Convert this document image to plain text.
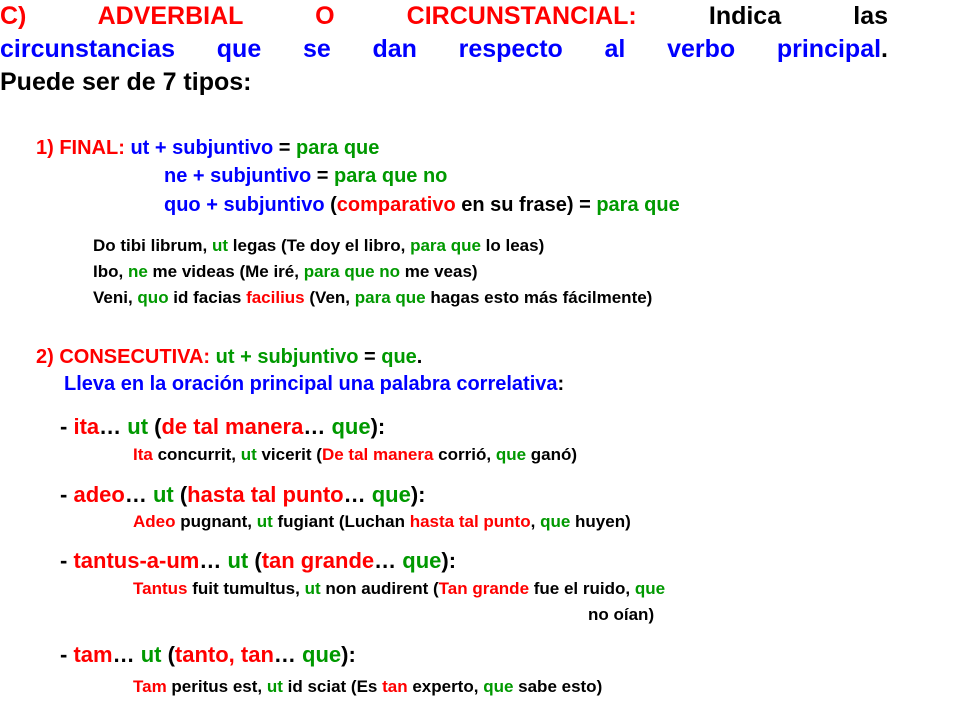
C) ADVERBIAL O CIRCUNSTANCIAL:	Indica las
circunstancias que se dan respecto al verbo principal.
Puede ser de 7 tipos:
1) FINAL: ut + subjuntivo = para que
ne + subjuntivo = para que no
quo + subjuntivo (comparativo en su frase) = para que
Do tibi librum, ut legas (Te doy el libro, para que lo leas)
Ibo, ne me videas (Me iré, para que no me veas)
Veni, quo id facias facilius (Ven, para que hagas esto más fácilmente)
2) CONSECUTIVA: ut + subjuntivo = que.
Lleva en la oración principal una palabra correlativa:
- ita… ut (de tal manera… que):
Ita concurrit, ut vicerit (De tal manera corrió, que ganó)
- adeo… ut (hasta tal punto… que):
Adeo pugnant, ut fugiant (Luchan hasta tal punto, que huyen)
- tantus-a-um… ut (tan grande… que):
Tantus fuit tumultus, ut non audirent (Tan grande fue el ruido, que
no oían)
- tam… ut (tanto, tan… que):
Tam peritus est, ut id sciat (Es tan experto, que sabe esto)
